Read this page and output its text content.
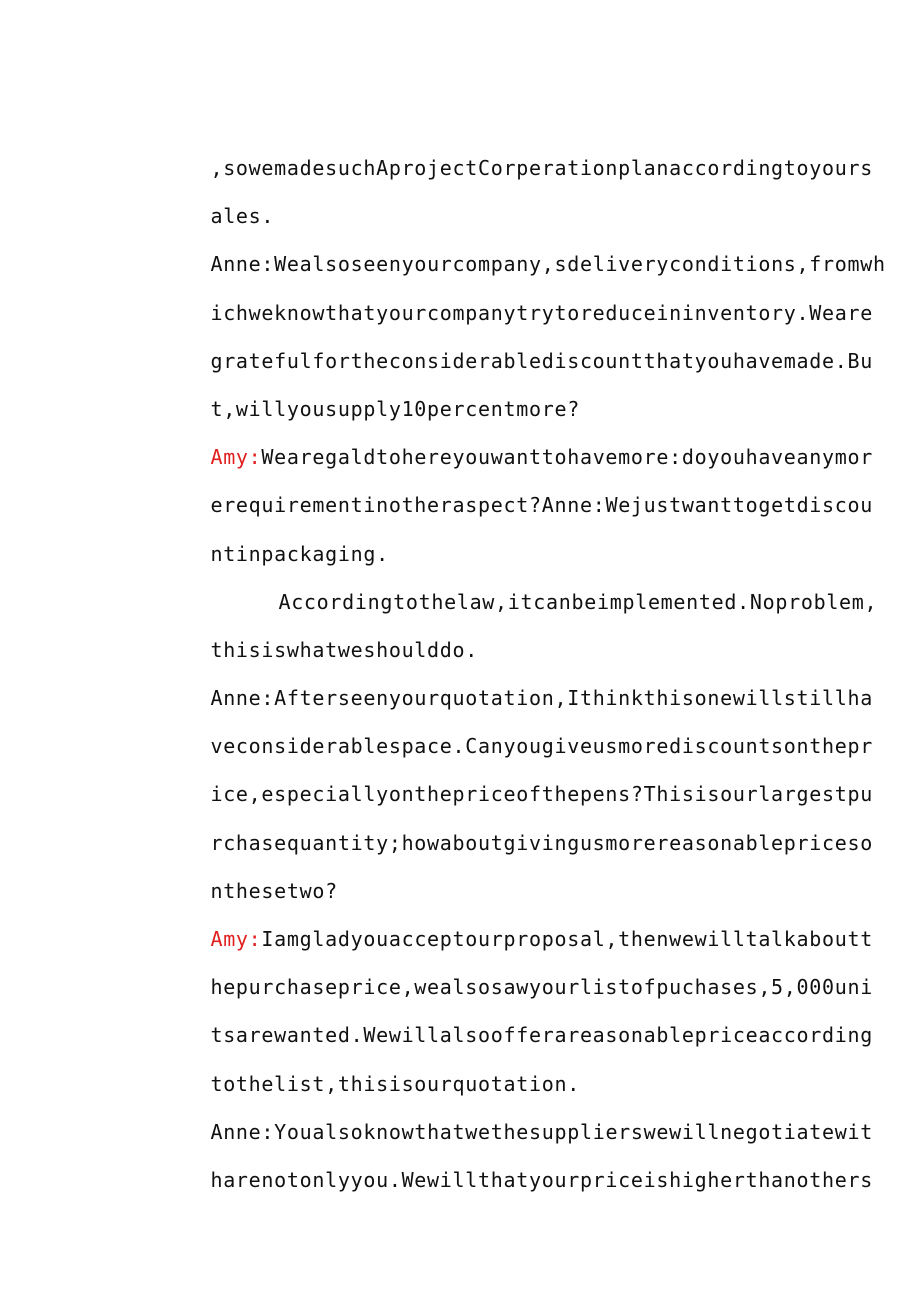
,sowemadesuchAprojectCorperationplanaccordingtoyours

ales.

Anne:Wealsoseenyourcompany,sdeliveryconditions,fromwh

ichweknowthatyourcompanytrytoreduceininventory.Weare

gratefulfortheconsiderablediscountthatyouhavemade.Bu

t,willyousupply10percentmore?

Amy:Wearegaldtohereyouwanttohavemore:doyouhaveanymor

erequirementinotheraspect?Anne:Wejustwanttogetdiscou

ntinpackaging.

Accordingtothelaw,itcanbeimplemented.Noproblem,

thisiswhatweshoulddo.

Anne:Afterseenyourquotation,Ithinkthisonewillstillha

veconsiderablespace.Canyougiveusmorediscountsonthepr

ice,especiallyonthepriceofthepens?Thisisourlargestpu

rchasequantity;howaboutgivingusmorereasonablepriceso

nthesetwo?

Amy:Iamgladyouacceptourproposal,thenwewilltalkaboutt

hepurchaseprice,wealsosawyourlistofpuchases,5,000uni

tsarewanted.Wewillalsoofferareasonablepriceaccording

tothelist,thisisourquotation.

Anne:Youalsoknowthatwethesupplierswewillnegotiatewit

harenotonlyyou.Wewillthatyourpriceishigherthanothers
